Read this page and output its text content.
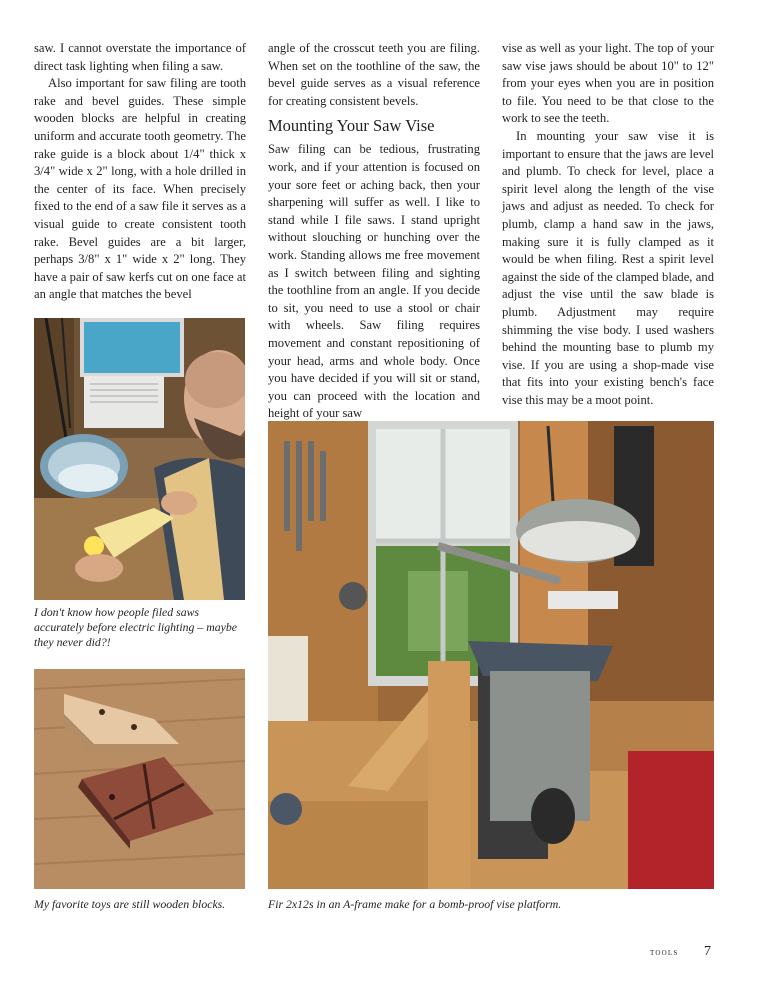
saw. I cannot overstate the importance of direct task lighting when filing a saw.

Also important for saw filing are tooth rake and bevel guides. These simple wooden blocks are helpful in creating uniform and accurate tooth geometry. The rake guide is a block about 1/4" thick x 3/4" wide x 2" long, with a hole drilled in the center of its face. When precisely fixed to the end of a saw file it serves as a visual guide to create consistent tooth rake. Bevel guides are a bit larger, perhaps 3/8" x 1" wide x 2" long. They have a pair of saw kerfs cut on one face at an angle that matches the bevel

angle of the crosscut teeth you are filing. When set on the toothline of the saw, the bevel guide serves as a visual reference for creating consistent bevels.

Mounting Your Saw Vise

Saw filing can be tedious, frustrating work, and if your attention is focused on your sore feet or aching back, then your sharpening will suffer as well. I like to stand while I file saws. I stand upright without slouching or hunching over the work. Standing allows me free movement as I switch between filing and sighting the toothline from an angle. If you decide to sit, you need to use a stool or chair with wheels. Saw filing requires movement and constant repositioning of your head, arms and whole body. Once you have decided if you will sit or stand, you can proceed with the location and height of your saw

vise as well as your light. The top of your saw vise jaws should be about 10" to 12" from your eyes when you are in position to file. You need to be that close to the work to see the teeth.

In mounting your saw vise it is important to ensure that the jaws are level and plumb. To check for level, place a spirit level along the length of the vise jaws and adjust as needed. To check for plumb, clamp a hand saw in the jaws, making sure it is fully clamped as it would be when filing. Rest a spirit level against the side of the clamped blade, and adjust the vise until the saw blade is plumb. Adjustment may require shimming the vise body. I used washers behind the mounting base to plumb my vise. If you are using a shop-made vise that fits into your existing bench's face vise this may be a moot point.

I don't know how people filed saws accurately before electric lighting – maybe they never did?!
My favorite toys are still wooden blocks.	Fir 2x12s in an A-frame make for a bomb-proof vise platform.
tools 7
